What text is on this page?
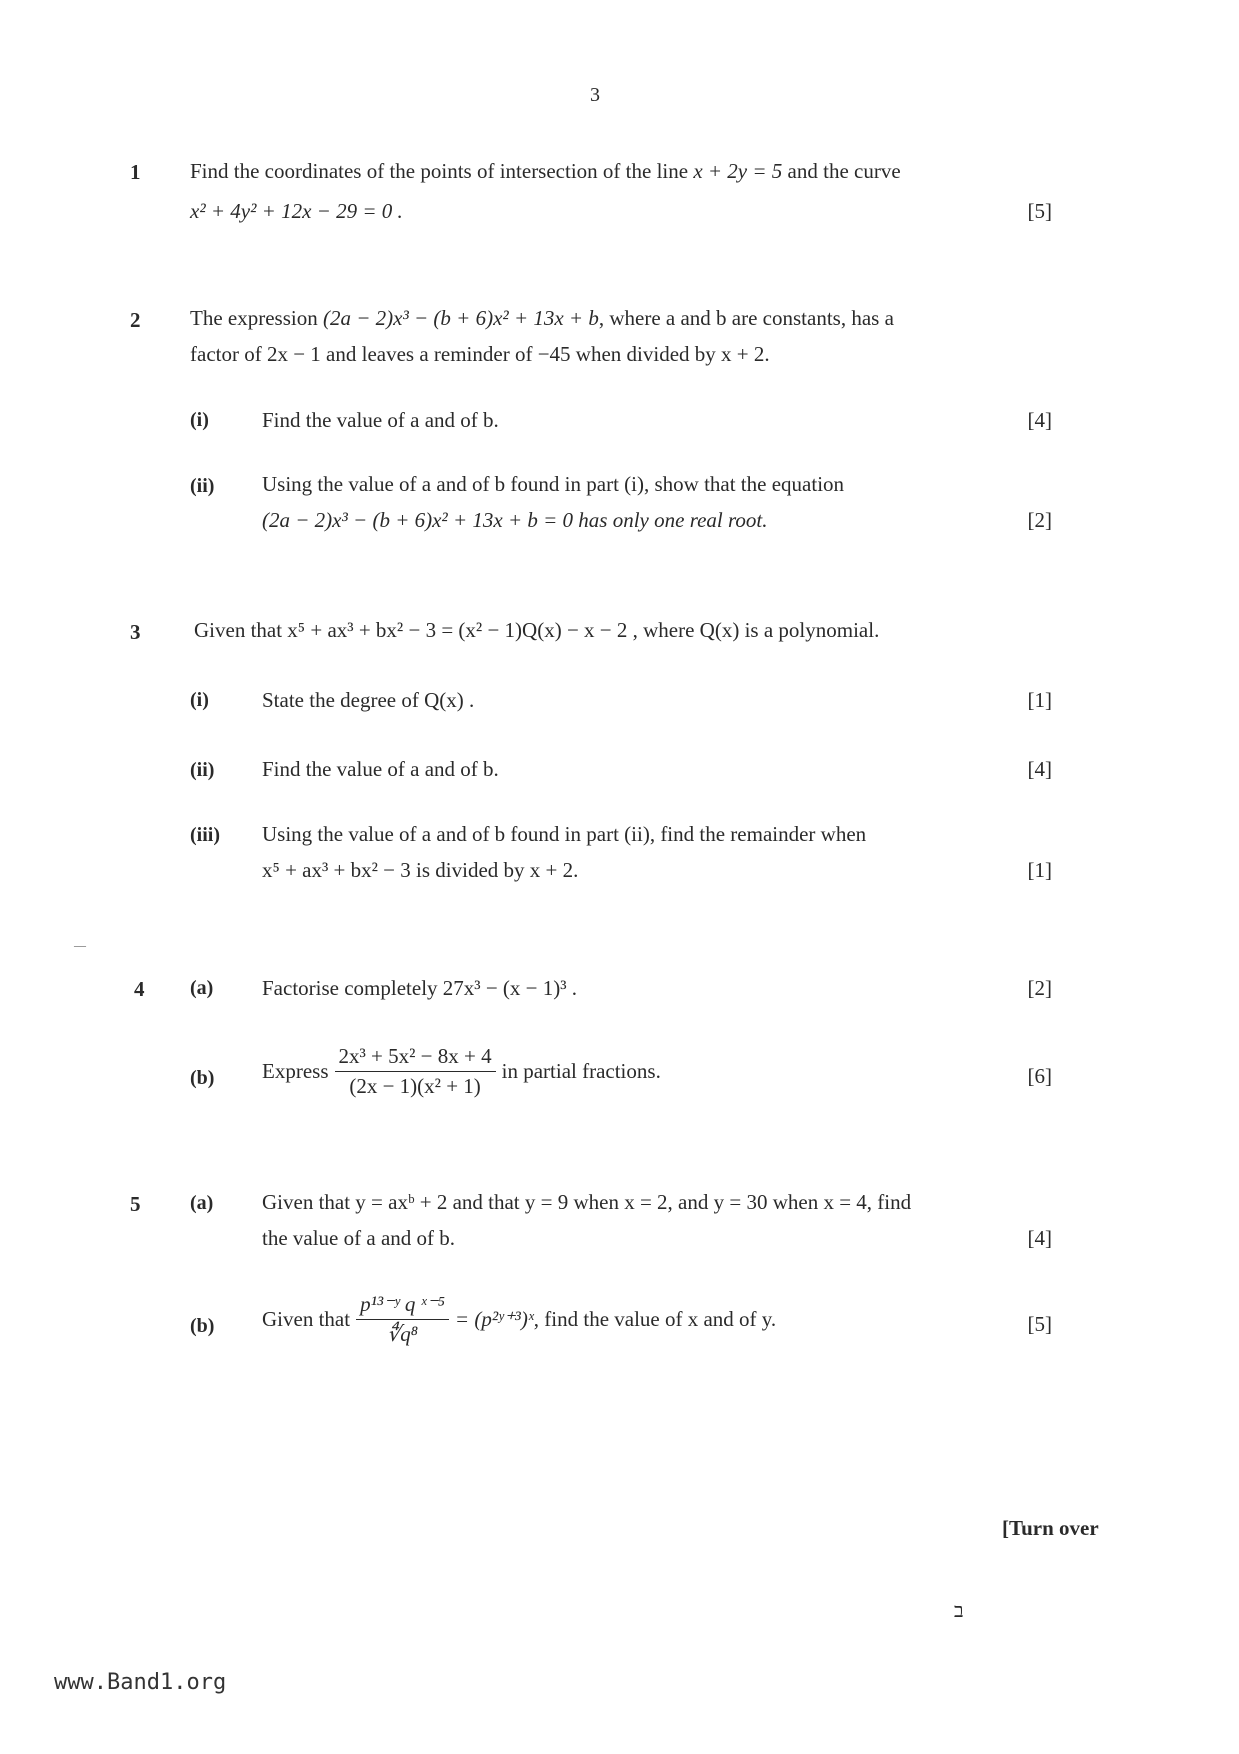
3
1 Find the coordinates of the points of intersection of the line x + 2y = 5 and the curve
x² + 4y² + 12x − 29 = 0 .	[5]
2 The expression (2a − 2)x³ − (b + 6)x² + 13x + b, where a and b are constants, has a
factor of 2x − 1 and leaves a reminder of −45 when divided by x + 2.
(i)	Find the value of a and of b.	[4]
(ii) Using the value of a and of b found in part (i), show that the equation
(2a − 2)x³ − (b + 6)x² + 13x + b = 0 has only one real root.	[2]
3	Given that x⁵ + ax³ + bx² − 3 = (x² − 1)Q(x) − x − 2 , where Q(x) is a polynomial.
(i)	State the degree of Q(x) .	[1]
(ii) Find the value of a and of b.	[4]
(iii) Using the value of a and of b found in part (ii), find the remainder when
x⁵ + ax³ + bx² − 3 is divided by x + 2.	[1]
—
4 (a) Factorise completely 27x³ − (x − 1)³ .	[2]
(b) Express $\frac{\text{2x³ + 5x² − 8x + 4}}{\text{(2x − 1)(x² + 1)}}$ in partial fractions.	[6]
5 (a) Given that y = axᵇ + 2 and that y = 9 when x = 2, and y = 30 when x = 4, find
the value of a and of b.	[4]
(b) Given that $\frac{\text{p¹³⁻ʸ q ˣ⁻⁵}}{\text{∜q⁸}}$ = (p²ʸ⁺³)ˣ , find the value of x and of y.	[5]
[Turn over
ב
www.Band1.org
